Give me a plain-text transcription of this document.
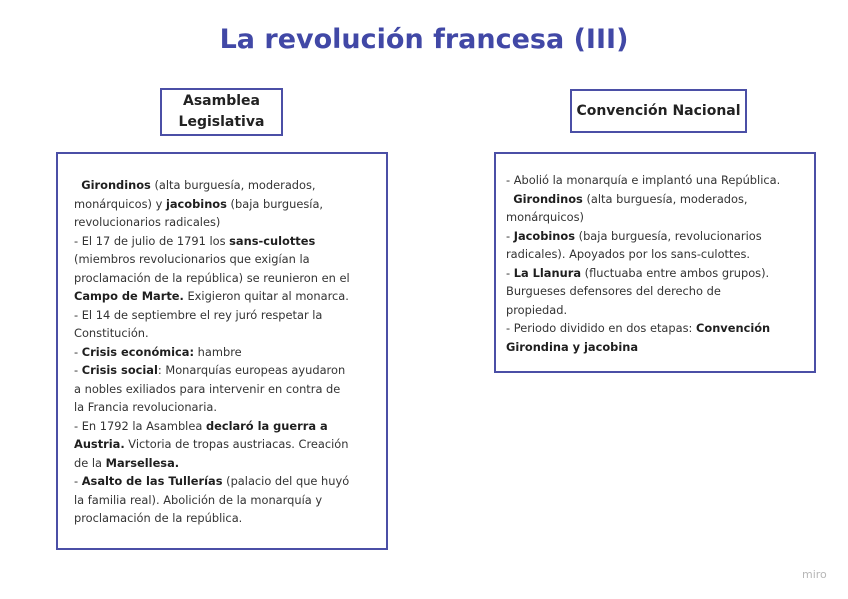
La revolución francesa (III)
Asamblea
Legislativa
Convención Nacional
Girondinos (alta burguesía, moderados,
monárquicos) y jacobinos (baja burguesía,
revolucionarios radicales)
- El 17 de julio de 1791 los sans-culottes
(miembros revolucionarios que exigían la
proclamación de la república) se reunieron en el
Campo de Marte. Exigieron quitar al monarca.
- El 14 de septiembre el rey juró respetar la
Constitución.
- Crisis económica: hambre
- Crisis social: Monarquías europeas ayudaron
a nobles exiliados para intervenir en contra de
la Francia revolucionaria.
- En 1792 la Asamblea declaró la guerra a
Austria. Victoria de tropas austriacas. Creación
de la Marsellesa.
- Asalto de las Tullerías (palacio del que huyó
la familia real). Abolición de la monarquía y
proclamación de la república.
- Abolió la monarquía e implantó una República.
Girondinos (alta burguesía, moderados,
monárquicos)
- Jacobinos (baja burguesía, revolucionarios
radicales). Apoyados por los sans-culottes.
- La Llanura (fluctuaba entre ambos grupos).
Burgueses defensores del derecho de
propiedad.
- Periodo dividido en dos etapas: Convención
Girondina y jacobina
miro
